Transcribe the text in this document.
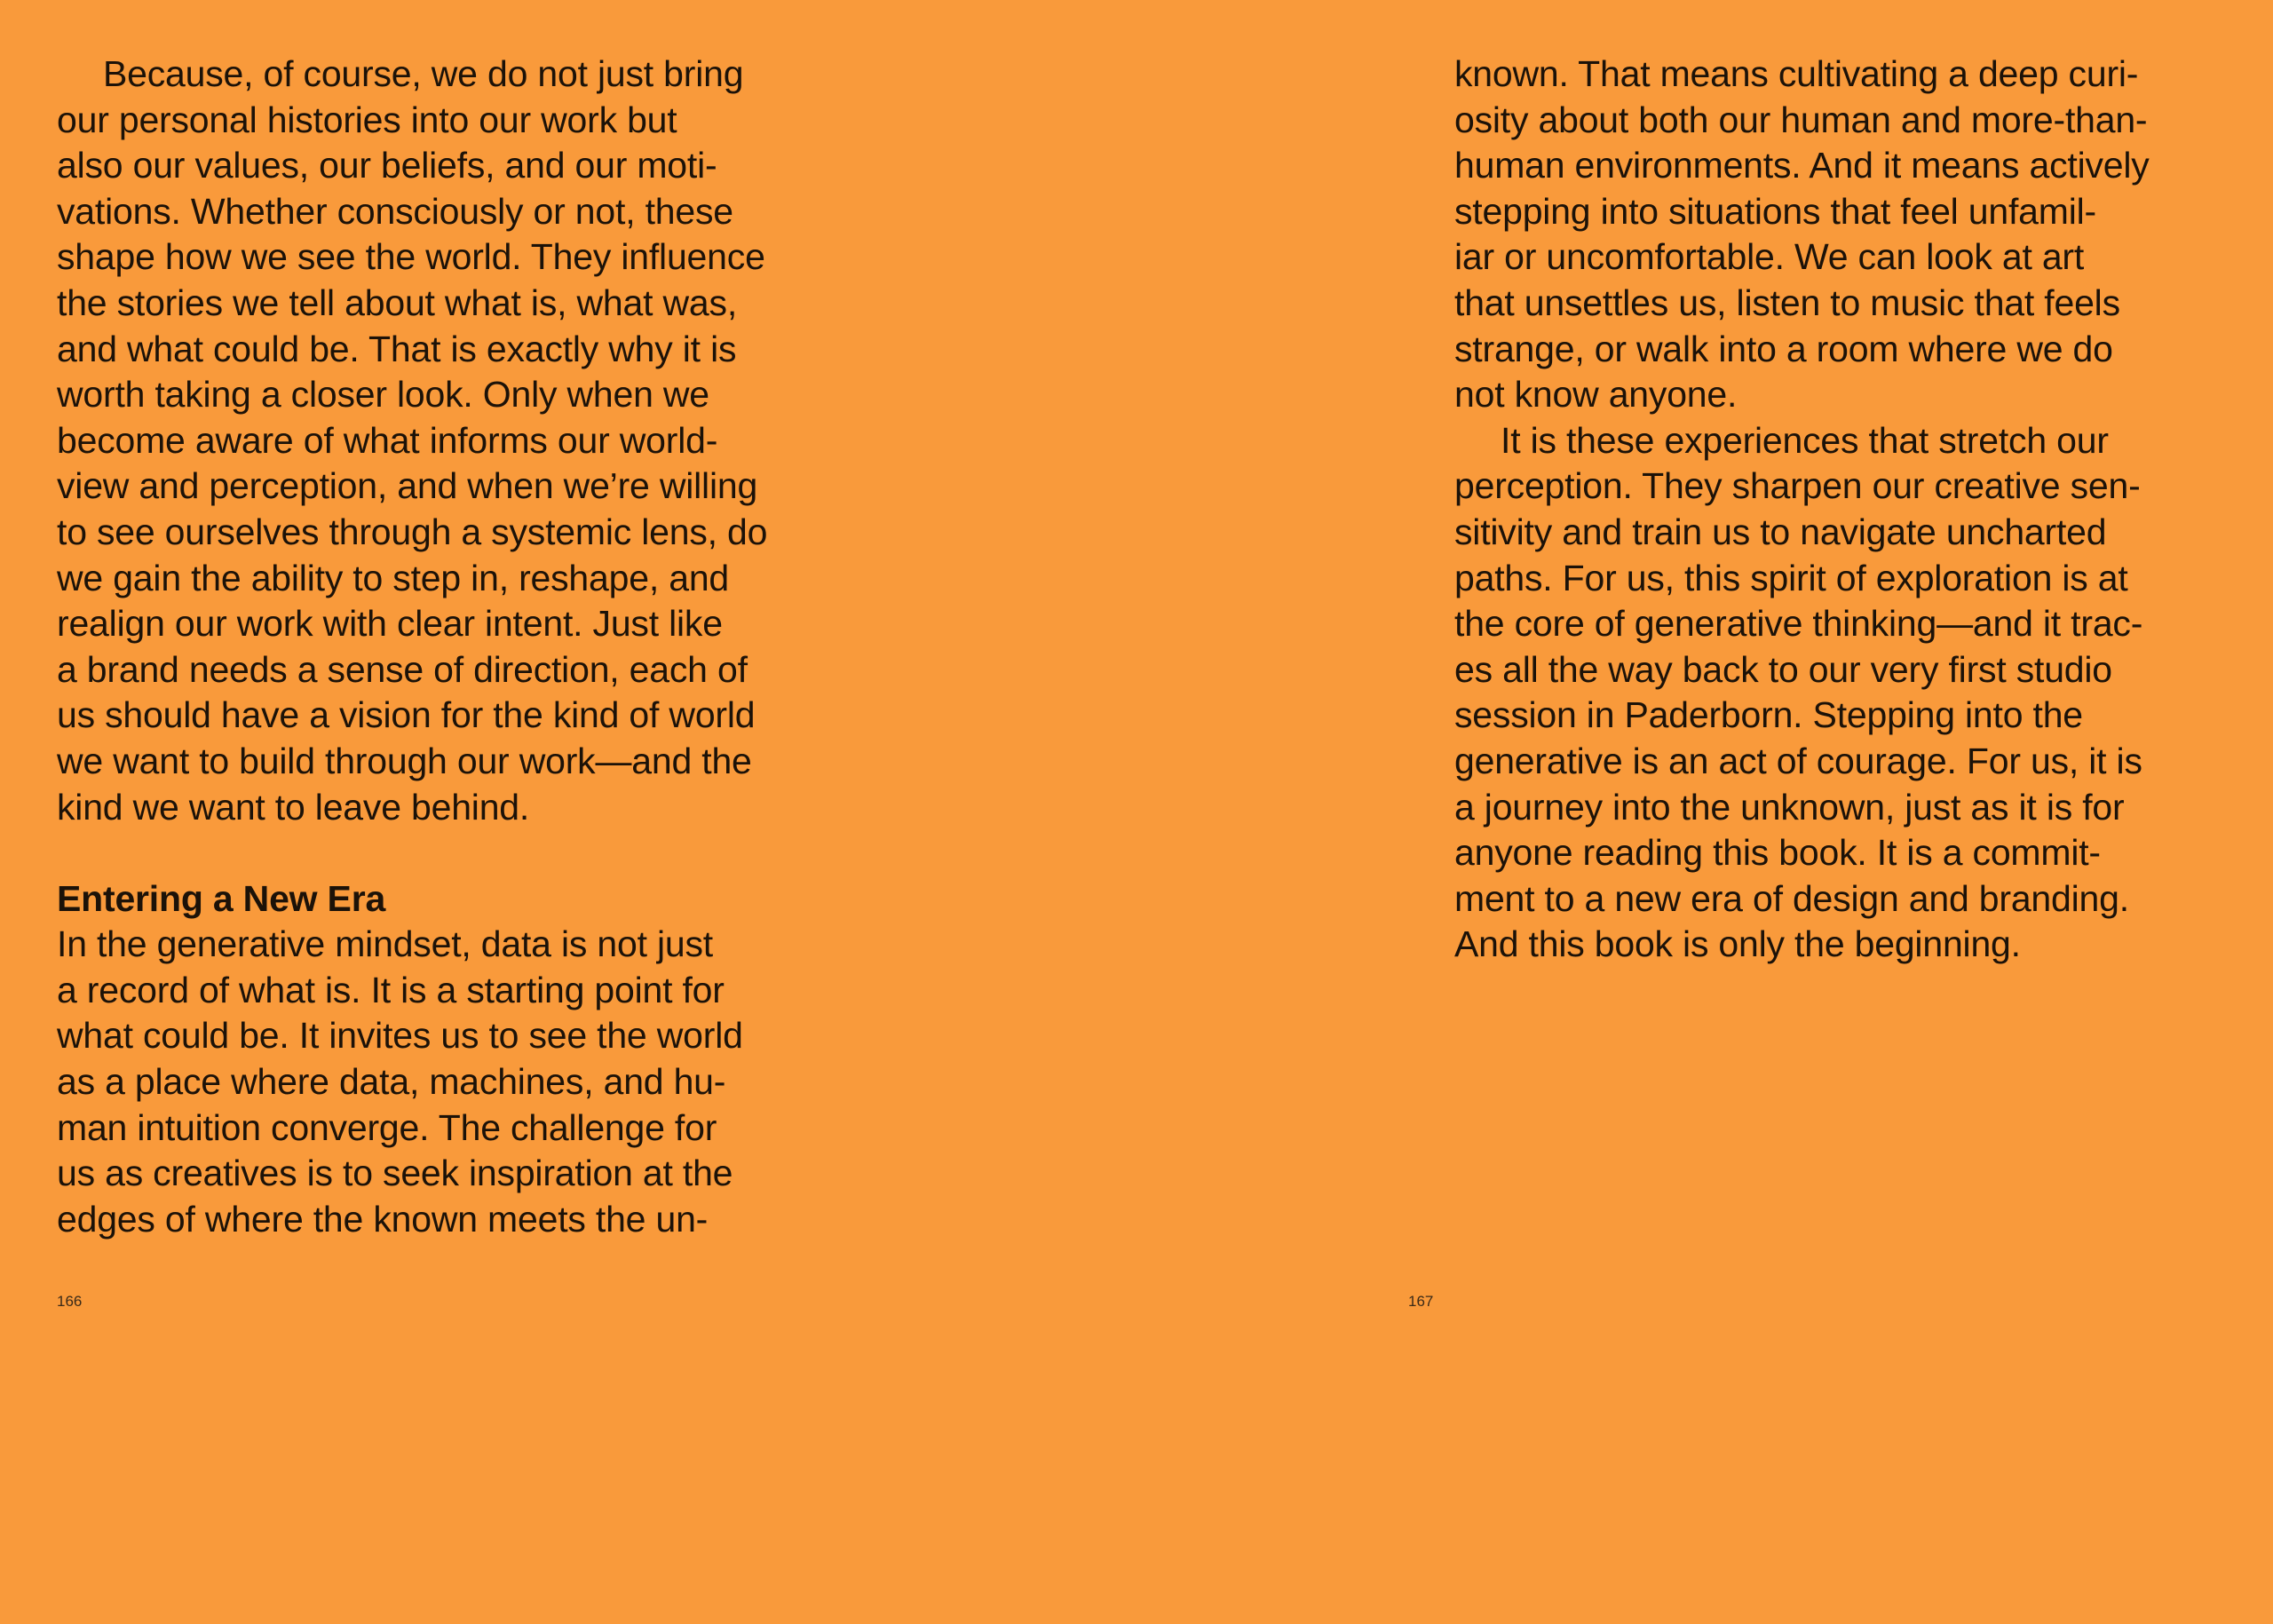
Because, of course, we do not just bring
our personal histories into our work but
also our values, our beliefs, and our moti-
vations. Whether consciously or not, these
shape how we see the world. They influence
the stories we tell about what is, what was,
and what could be. That is exactly why it is
worth taking a closer look. Only when we
become aware of what informs our world-
view and perception, and when we’re willing
to see ourselves through a systemic lens, do
we gain the ability to step in, reshape, and
realign our work with clear intent. Just like
a brand needs a sense of direction, each of
us should have a vision for the kind of world
we want to build through our work—and the
kind we want to leave behind.
Entering a New Era
In the generative mindset, data is not just
a record of what is. It is a starting point for
what could be. It invites us to see the world
as a place where data, machines, and hu-
man intuition converge. The challenge for
us as creatives is to seek inspiration at the
edges of where the known meets the un-
166
known. That means cultivating a deep curi-
osity about both our human and more-than-
human environments. And it means actively
stepping into situations that feel unfamil-
iar or uncomfortable. We can look at art
that unsettles us, listen to music that feels
strange, or walk into a room where we do
not know anyone.
It is these experiences that stretch our
perception. They sharpen our creative sen-
sitivity and train us to navigate uncharted
paths. For us, this spirit of exploration is at
the core of generative thinking—and it trac-
es all the way back to our very first studio
session in Paderborn. Stepping into the
generative is an act of courage. For us, it is
a journey into the unknown, just as it is for
anyone reading this book. It is a commit-
ment to a new era of design and branding.
And this book is only the beginning.
167
